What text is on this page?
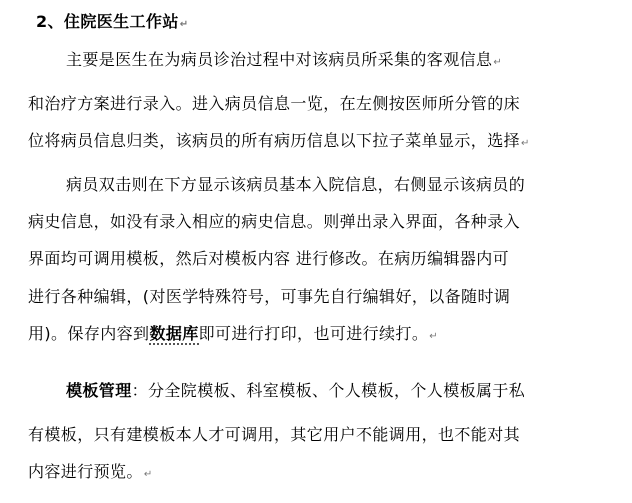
2、住院医生工作站↵
主要是医生在为病员诊治过程中对该病员所采集的客观信息↵
和治疗方案进行录入。进入病员信息一览，在左侧按医师所分管的床
位将病员信息归类，该病员的所有病历信息以下拉子菜单显示，选择↵
病员双击则在下方显示该病员基本入院信息，右侧显示该病员的
病史信息，如没有录入相应的病史信息。则弹出录入界面，各种录入
界面均可调用模板，然后对模板内容 进行修改。在病历编辑器内可
进行各种编辑，(对医学特殊符号，可事先自行编辑好，以备随时调
用)。保存内容到数据库即可进行打印，也可进行续打。↵
模板管理：分全院模板、科室模板、个人模板，个人模板属于私
有模板，只有建模板本人才可调用，其它用户不能调用，也不能对其
内容进行预览。↵
